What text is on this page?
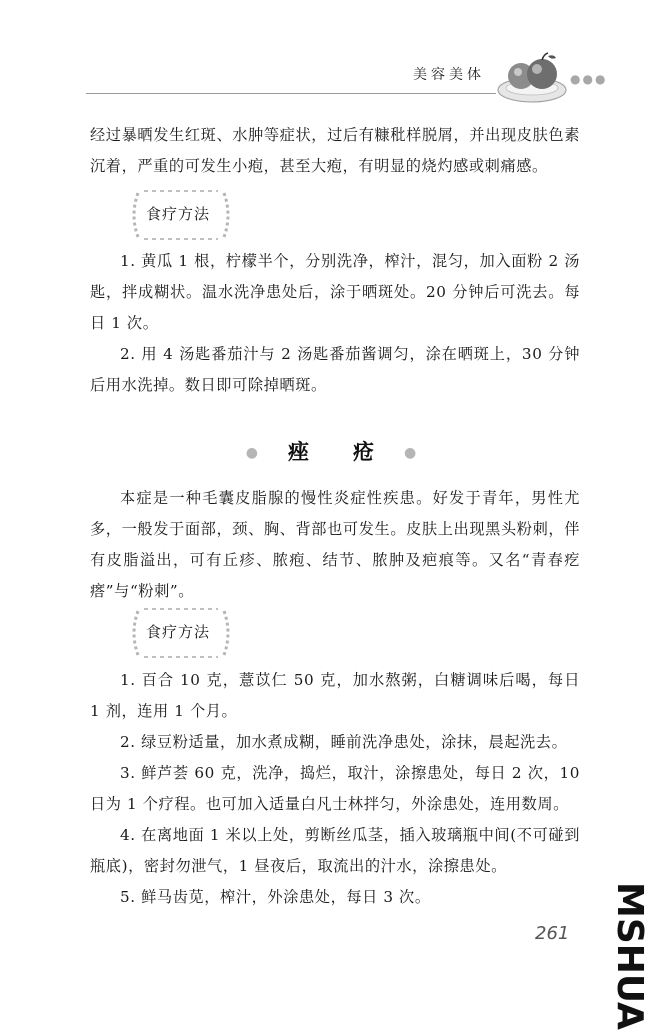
美容美体	●●●

经过暴晒发生红斑、水肿等症状，过后有糠秕样脱屑，并出现皮肤色素沉着，严重的可发生小疱，甚至大疱，有明显的烧灼感或刺痛感。

食疗方法

1. 黄瓜 1 根，柠檬半个，分别洗净，榨汁，混匀，加入面粉 2 汤匙，拌成糊状。温水洗净患处后，涂于晒斑处。20 分钟后可洗去。每日 1 次。

2. 用 4 汤匙番茄汁与 2 汤匙番茄酱调匀，涂在晒斑上，30 分钟后用水洗掉。数日即可除掉晒斑。

● 痤 疮 ●

本症是一种毛囊皮脂腺的慢性炎症性疾患。好发于青年，男性尤多，一般发于面部，颈、胸、背部也可发生。皮肤上出现黑头粉刺，伴有皮脂溢出，可有丘疹、脓疱、结节、脓肿及疤痕等。又名“青春疙瘩”与“粉刺”。

食疗方法

1. 百合 10 克，薏苡仁 50 克，加水熬粥，白糖调味后喝，每日 1 剂，连用 1 个月。

2. 绿豆粉适量，加水煮成糊，睡前洗净患处，涂抹，晨起洗去。

3. 鲜芦荟 60 克，洗净，捣烂，取汁，涂擦患处，每日 2 次，10 日为 1 个疗程。也可加入适量白凡士林拌匀，外涂患处，连用数周。

4. 在离地面 1 米以上处，剪断丝瓜茎，插入玻璃瓶中间(不可碰到瓶底)，密封勿泄气，1 昼夜后，取流出的汁水，涂擦患处。

5. 鲜马齿苋，榨汁，外涂患处，每日 3 次。

261 MSHUA
